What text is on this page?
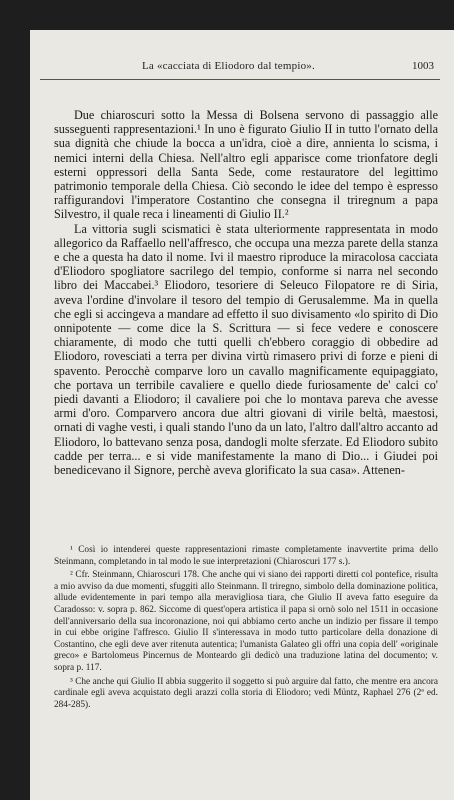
La «cacciata di Eliodoro dal tempio».	1003

Due chiaroscuri sotto la Messa di Bolsena servono di passaggio alle susseguenti rappresentazioni.¹ In uno è figurato Giulio II in tutto l'ornato della sua dignità che chiude la bocca a un'idra, cioè a dire, annienta lo scisma, i nemici interni della Chiesa. Nell'altro egli apparisce come trionfatore degli esterni oppressori della Santa Sede, come restauratore del legittimo patrimonio temporale della Chiesa. Ciò secondo le idee del tempo è espresso raffigurandovi l'imperatore Costantino che consegna il triregnum a papa Silvestro, il quale reca i lineamenti di Giulio II.²

La vittoria sugli scismatici è stata ulteriormente rappresentata in modo allegorico da Raffaello nell'affresco, che occupa una mezza parete della stanza e che a questa ha dato il nome. Ivi il maestro riproduce la miracolosa cacciata d'Eliodoro spogliatore sacrilego del tempio, conforme si narra nel secondo libro dei Maccabei.³ Eliodoro, tesoriere di Seleuco Filopatore re di Siria, aveva l'ordine d'involare il tesoro del tempio di Gerusalemme. Ma in quella che egli si accingeva a mandare ad effetto il suo divisamento «lo spirito di Dio onnipotente — come dice la S. Scrittura — si fece vedere e conoscere chiaramente, di modo che tutti quelli ch'ebbero coraggio di obbedire ad Eliodoro, rovesciati a terra per divina virtù rimasero privi di forze e pieni di spavento. Perocchè comparve loro un cavallo magnificamente equipaggiato, che portava un terribile cavaliere e quello diede furiosamente de' calci co' piedi davanti a Eliodoro; il cavaliere poi che lo montava pareva che avesse armi d'oro. Comparvero ancora due altri giovani di virile beltà, maestosi, ornati di vaghe vesti, i quali stando l'uno da un lato, l'altro dall'altro accanto ad Eliodoro, lo battevano senza posa, dandogli molte sferzate. Ed Eliodoro subito cadde per terra... e si vide manifestamente la mano di Dio... i Giudei poi benedicevano il Signore, perchè aveva glorificato la sua casa». Attenen-

¹ Così io intenderei queste rappresentazioni rimaste completamente inavvertite prima dello Steinmann, completando in tal modo le sue interpretazioni (Chiaroscuri 177 s.).

² Cfr. Steinmann, Chiaroscuri 178. Che anche qui vi siano dei rapporti diretti col pontefice, risulta a mio avviso da due momenti, sfuggiti allo Steinmann. Il triregno, simbolo della dominazione politica, allude evidentemente in pari tempo alla meravigliosa tiara, che Giulio II aveva fatto eseguire da Caradosso: v. sopra p. 862. Siccome di quest'opera artistica il papa si ornò solo nel 1511 in occasione dell'anniversario della sua incoronazione, noi qui abbiamo certo anche un indizio per fissare il tempo in cui ebbe origine l'affresco. Giulio II s'interessava in modo tutto particolare della donazione di Costantino, che egli deve aver ritenuta autentica; l'umanista Galateo gli offrì una copia dell' «originale greco» e Bartolomeus Pincernus de Monteardo gli dedicò una traduzione latina del documento; v. sopra p. 117.

³ Che anche qui Giulio II abbia suggerito il soggetto si può arguire dal fatto, che mentre era ancora cardinale egli aveva acquistato degli arazzi colla storia di Eliodoro; vedi Müntz, Raphael 276 (2ª ed. 284-285).
